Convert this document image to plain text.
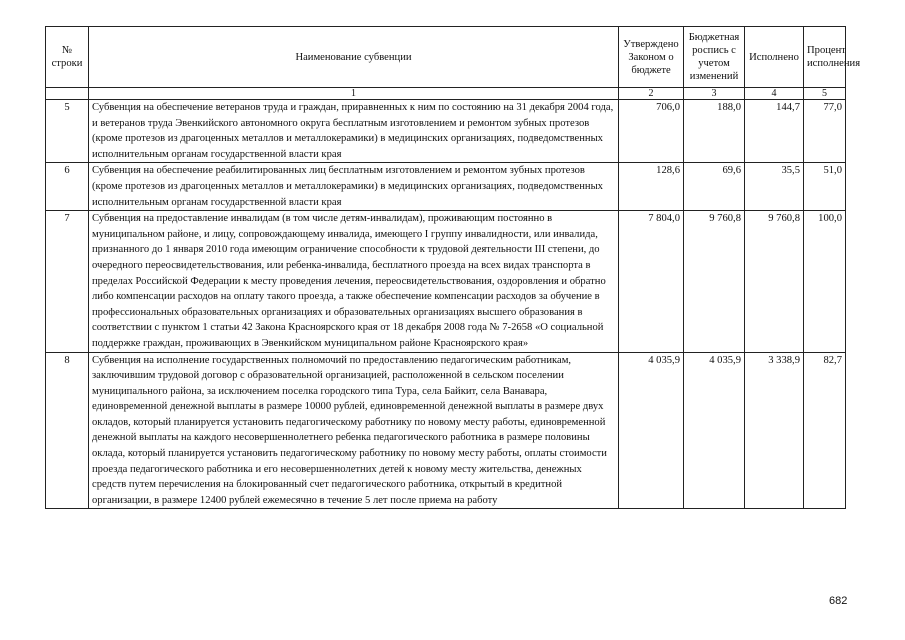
№ строки	Наименование субвенции	Утверждено Законом о бюджете	Бюджетная роспись с учетом изменений	Исполнено	Процент исполнения
	1	2	3	4	5
5	Субвенция на обеспечение ветеранов труда и граждан, приравненных к ним по состоянию на 31 декабря 2004 года, и ветеранов труда Эвенкийского автономного округа бесплатным изготовлением и ремонтом зубных протезов (кроме протезов из драгоценных металлов и металлокерамики) в медицинских организациях, подведомственных исполнительным органам государственной власти края	706,0	188,0	144,7	77,0
6	Субвенция на обеспечение реабилитированных лиц бесплатным изготовлением и ремонтом зубных протезов (кроме протезов из драгоценных металлов и металлокерамики) в медицинских организациях, подведомственных исполнительным органам государственной власти края	128,6	69,6	35,5	51,0
7	Субвенция на предоставление инвалидам (в том числе детям-инвалидам), проживающим постоянно в муниципальном районе, и лицу, сопровождающему инвалида, имеющего I группу инвалидности, или инвалида, признанного до 1 января 2010 года имеющим ограничение способности к трудовой деятельности III степени, до очередного переосвидетельствования, или ребенка-инвалида, бесплатного проезда на всех видах транспорта в пределах Российской Федерации к месту проведения лечения, переосвидетельствования, оздоровления и обратно либо компенсации расходов на оплату такого проезда, а также обеспечение компенсации расходов за обучение в профессиональных образовательных организациях и образовательных организациях высшего образования в соответствии с пунктом 1 статьи 42 Закона Красноярского края от 18 декабря 2008 года № 7-2658 «О социальной поддержке граждан, проживающих в Эвенкийском муниципальном районе Красноярского края»	7 804,0	9 760,8	9 760,8	100,0
8	Субвенция на исполнение государственных полномочий по предоставлению педагогическим работникам, заключившим трудовой договор с образовательной организацией, расположенной в сельском поселении муниципального района, за исключением поселка городского типа Тура, села Байкит, села Ванавара, единовременной денежной выплаты в размере 10000 рублей, единовременной денежной выплаты в размере двух окладов, который планируется установить педагогическому работнику по новому месту работы, единовременной денежной выплаты на каждого несовершеннолетнего ребенка педагогического работника в размере половины оклада, который планируется установить педагогическому работнику по новому месту работы, оплаты стоимости проезда педагогического работника и его несовершеннолетних детей к новому месту жительства, денежных средств путем перечисления на блокированный счет педагогического работника, открытый в кредитной организации, в размере 12400 рублей ежемесячно в течение 5 лет после приема на работу	4 035,9	4 035,9	3 338,9	82,7
682
